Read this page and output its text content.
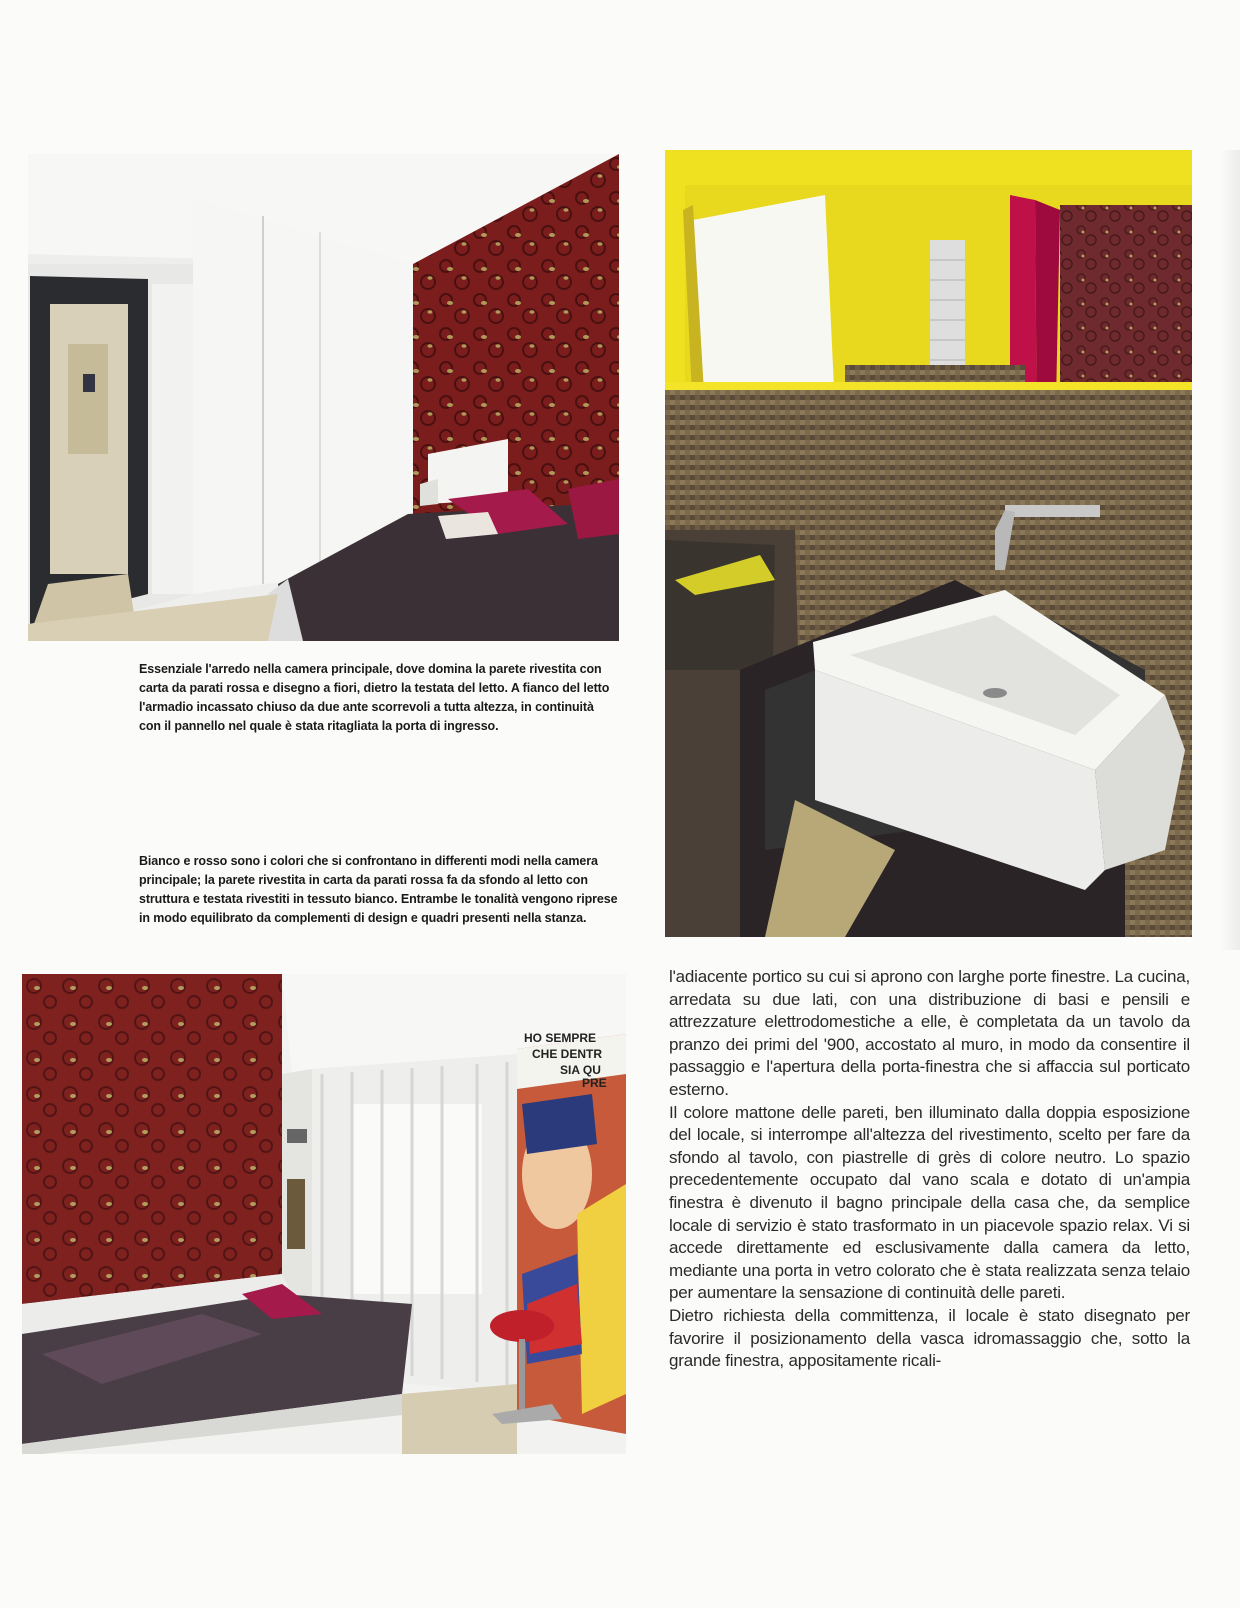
HO SEMPRE
CHE DENTR
SIA QU
PRE

Essenziale l'arredo nella camera principale, dove domina la parete rivestita con carta da parati rossa e disegno a fiori, dietro la testata del letto. A fianco del letto l'armadio incassato chiuso da due ante scorrevoli a tutta altezza, in continuità con il pannello nel quale è stata ritagliata la porta di ingresso.

Bianco e rosso sono i colori che si confrontano in differenti modi nella camera principale; la parete rivestita in carta da parati rossa fa da sfondo al letto con struttura e testata rivestiti in tessuto bianco. Entrambe le tonalità vengono riprese in modo equilibrato da complementi di design e quadri presenti nella stanza.

l'adiacente portico su cui si aprono con larghe porte finestre. La cucina, arredata su due lati, con una distribuzione di basi e pensili e attrezzature elettrodomestiche a elle, è completata da un tavolo da pranzo dei primi del '900, accostato al muro, in modo da consentire il passaggio e l'apertura della porta-finestra che si affaccia sul porticato esterno.

Il colore mattone delle pareti, ben illuminato dalla doppia esposizione del locale, si interrompe all'altezza del rivestimento, scelto per fare da sfondo al tavolo, con piastrelle di grès di colore neutro. Lo spazio precedentemente occupato dal vano scala e dotato di un'ampia finestra è divenuto il bagno principale della casa che, da semplice locale di servizio è stato trasformato in un piacevole spazio relax. Vi si accede direttamente ed esclusivamente dalla camera da letto, mediante una porta in vetro colorato che è stata realizzata senza telaio per aumentare la sensazione di continuità delle pareti.

Dietro richiesta della committenza, il locale è stato disegnato per favorire il posizionamento della vasca idromassaggio che, sotto la grande finestra, appositamente ricali-
